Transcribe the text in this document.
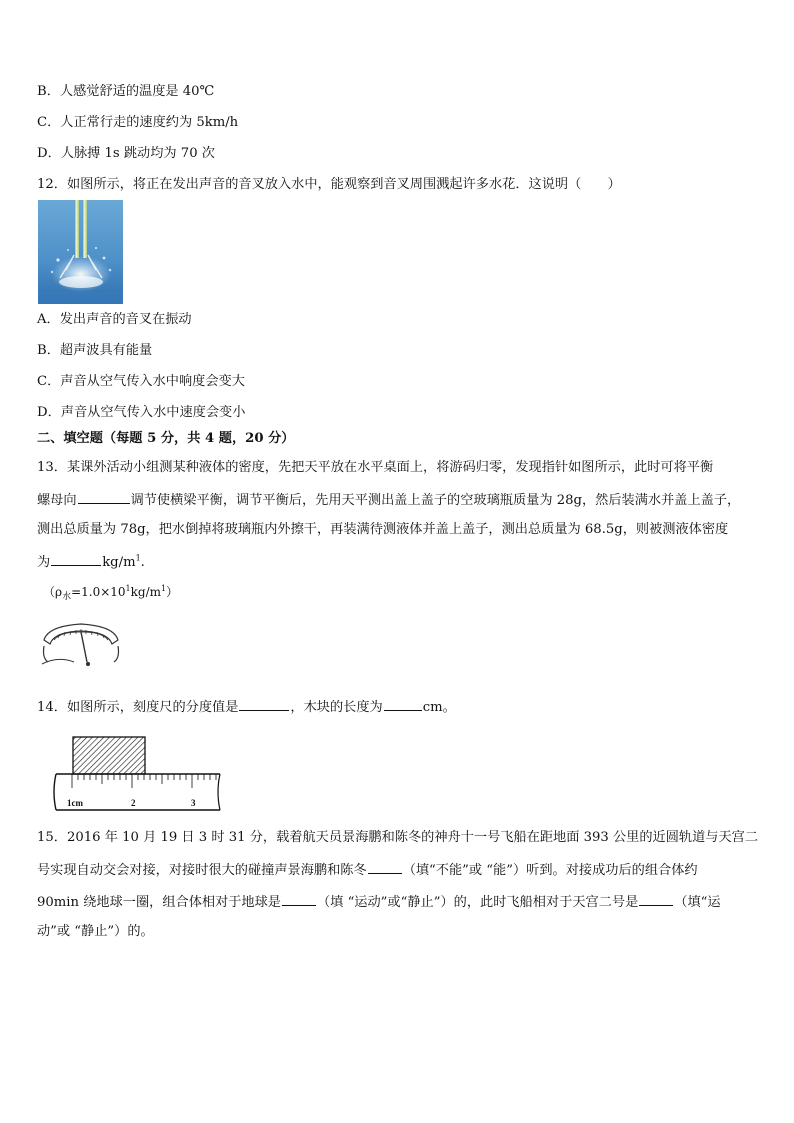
B．人感觉舒适的温度是 40℃
C．人正常行走的速度约为 5km/h
D．人脉搏 1s 跳动均为 70 次
12．如图所示，将正在发出声音的音叉放入水中，能观察到音叉周围溅起许多水花．这说明（　　）
A．发出声音的音叉在振动
B．超声波具有能量
C．声音从空气传入水中响度会变大
D．声音从空气传入水中速度会变小
二、填空题（每题 5 分，共 4 题，20 分）
13．某课外活动小组测某种液体的密度，先把天平放在水平桌面上，将游码归零，发现指针如图所示，此时可将平衡
螺母向	调节使横梁平衡，调节平衡后，先用天平测出盖上盖子的空玻璃瓶质量为 28g，然后装满水并盖上盖子，
测出总质量为 78g，把水倒掉将玻璃瓶内外擦干，再装满待测液体并盖上盖子，测出总质量为 68.5g，则被测液体密度
为	$kg/m^1$.
$(\rho_水=1.0\times 10^1kg/m^1)$
14．如图所示，刻度尺的分度值是	，木块的长度为	cm。
1cm	2	3
15．2016 年 10 月 19 日 3 时 31 分，载着航天员景海鹏和陈冬的神舟十一号飞船在距地面 393 公里的近圆轨道与天宫二
号实现自动交会对接，对接时很大的碰撞声景海鹏和陈冬	（填“不能”或 “能”）听到。对接成功后的组合体约
90min 绕地球一圈，组合体相对于地球是	（填 “运动”或“静止”）的，此时飞船相对于天宫二号是	（填“运
动”或 “静止”）的。
